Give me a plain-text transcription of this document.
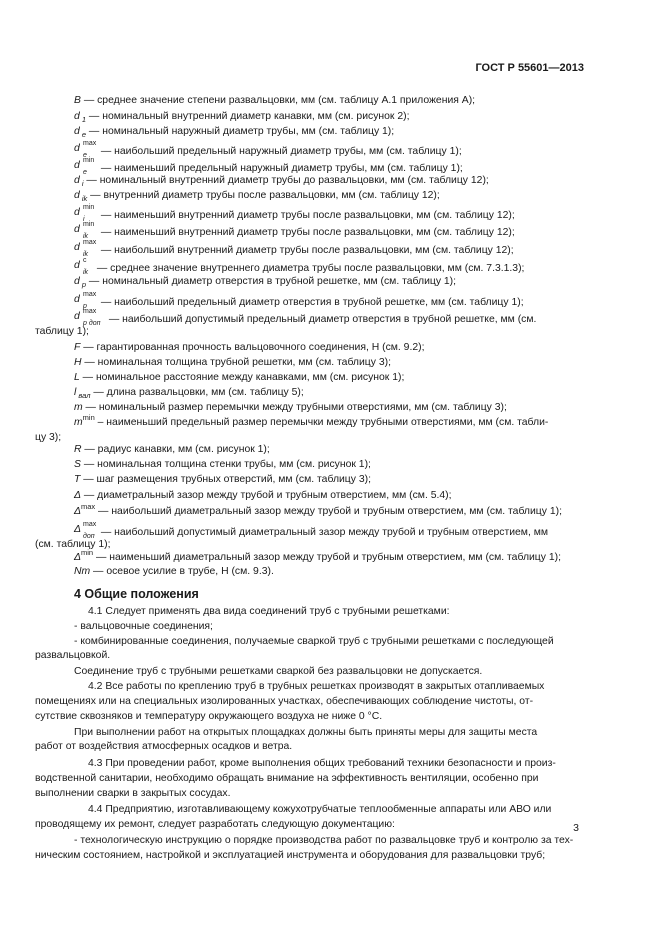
ГОСТ Р 55601—2013
B — среднее значение степени развальцовки, мм (см. таблицу А.1 приложения А);
d $_1$ — номинальный внутренний диаметр канавки, мм (см. рисунок 2);
d $_e$ — номинальный наружный диаметр трубы, мм (см. таблицу 1);
d max
e — наибольший предельный наружный диаметр трубы, мм (см. таблицу 1);
d min
e — наименьший предельный наружный диаметр трубы, мм (см. таблицу 1);
d $_i$ — номинальный внутренний диаметр трубы до развальцовки, мм (см. таблицу 12);
d $_{ik}$ — внутренний диаметр трубы после развальцовки, мм (см. таблицу 12);
d min
i — наименьший внутренний диаметр трубы после развальцовки, мм (см. таблицу 12);
d min
ik — наименьший внутренний диаметр трубы после развальцовки, мм (см. таблицу 12);
d max
ik — наибольший внутренний диаметр трубы после развальцовки, мм (см. таблицу 12);
d c
ik — среднее значение внутреннего диаметра трубы после развальцовки, мм (см. 7.3.1.3);
d $_p$ — номинальный диаметр отверстия в трубной решетке, мм (см. таблицу 1);
d max
p — наибольший предельный диаметр отверстия в трубной решетке, мм (см. таблицу 1);
d max
р доп — наибольший допустимый предельный диаметр отверстия в трубной решетке, мм (см.
таблицу 1);
F — гарантированная прочность вальцовочного соединения, Н (см. 9.2);
H — номинальная толщина трубной решетки, мм (см. таблицу 3);
L — номинальное расстояние между канавками, мм (см. рисунок 1);
l $_{вал}$ — длина развальцовки, мм (см. таблицу 5);
m — номинальный размер перемычки между трубными отверстиями, мм (см. таблицу 3);
$m^{min}$ – наименьший предельный размер перемычки между трубными отверстиями, мм (см. табли-
цу 3);
R — радиус канавки, мм (см. рисунок 1);
S — номинальная толщина стенки трубы, мм (см. рисунок 1);
T — шаг размещения трубных отверстий, мм (см. таблицу 3);
Δ — диаметральный зазор между трубой и трубным отверстием, мм (см. 5.4);
$\Delta^{max}$ — наибольший диаметральный зазор между трубой и трубным отверстием, мм (см. таблицу 1);
Δ max
доп — наибольший допустимый диаметральный зазор между трубой и трубным отверстием, мм
(см. таблицу 1);
$\Delta^{min}$ — наименьший диаметральный зазор между трубой и трубным отверстием, мм (см. таблицу 1);
Nm — осевое усилие в трубе, Н (см. 9.3).
4 Общие положения
4.1 Следует применять два вида соединений труб с трубными решетками:
- вальцовочные соединения;
- комбинированные соединения, получаемые сваркой труб с трубными решетками с последующей
развальцовкой.
Соединение труб с трубными решетками сваркой без развальцовки не допускается.
4.2 Все работы по креплению труб в трубных решетках производят в закрытых отапливаемых
помещениях или на специальных изолированных участках, обеспечивающих соблюдение чистоты, от-
сутствие сквозняков и температуру окружающего воздуха не ниже 0 °С.
При выполнении работ на открытых площадках должны быть приняты меры для защиты места
работ от воздействия атмосферных осадков и ветра.
4.3 При проведении работ, кроме выполнения общих требований техники безопасности и произ-
водственной санитарии, необходимо обращать внимание на эффективность вентиляции, особенно при
выполнении сварки в закрытых сосудах.
4.4 Предприятию, изготавливающему кожухотрубчатые теплообменные аппараты или АВО или
проводящему их ремонт, следует разработать следующую документацию:
- технологическую инструкцию о порядке производства работ по развальцовке труб и контролю за тех-
ническим состоянием, настройкой и эксплуатацией инструмента и оборудования для развальцовки труб;
3
